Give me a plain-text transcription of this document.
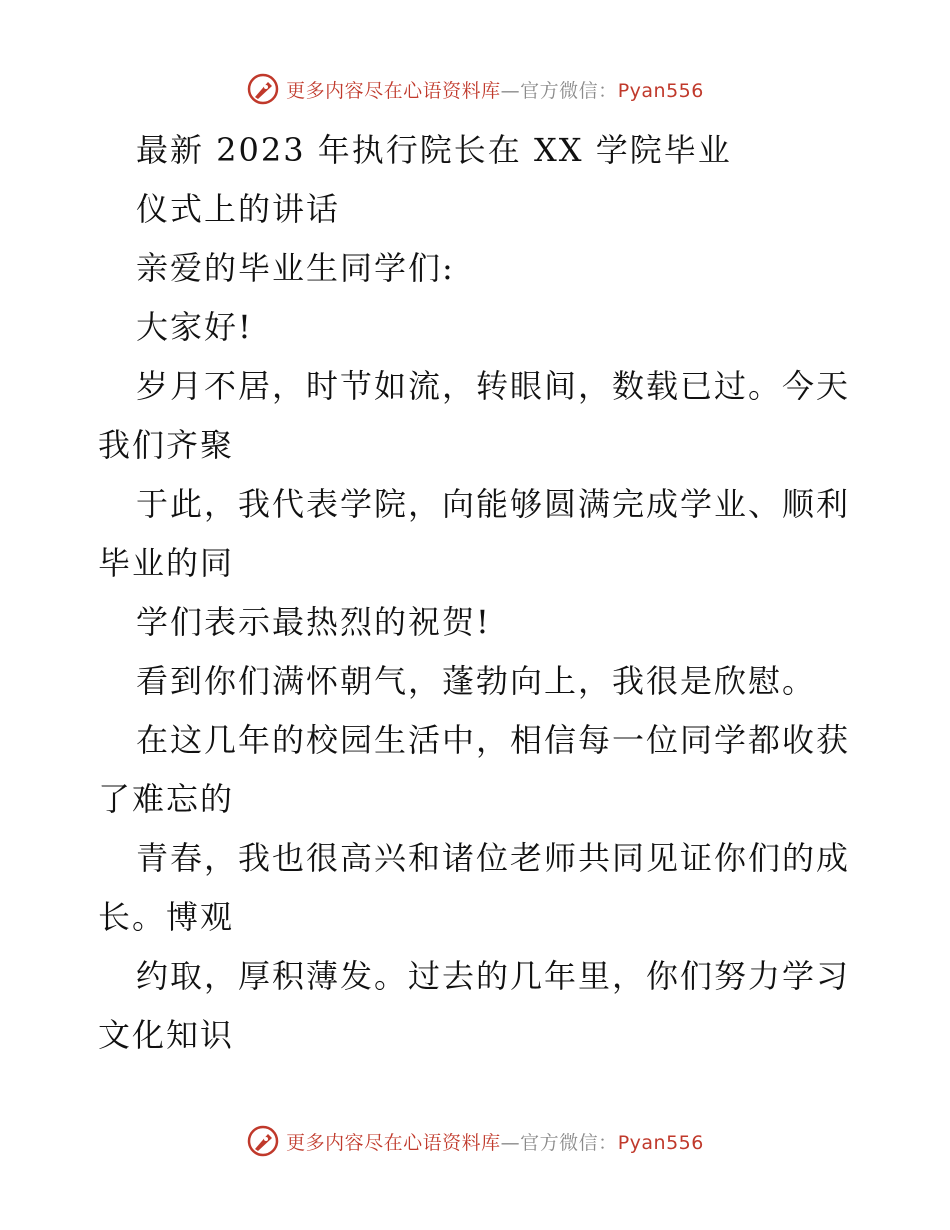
更多内容尽在心语资料库—官方微信：Pyan556
最新 2023 年执行院长在 XX 学院毕业
仪式上的讲话
亲爱的毕业生同学们:
大家好!
岁月不居，时节如流，转眼间，数载已过。今天
我们齐聚
于此，我代表学院，向能够圆满完成学业、顺利
毕业的同
学们表示最热烈的祝贺!
看到你们满怀朝气，蓬勃向上，我很是欣慰。
在这几年的校园生活中，相信每一位同学都收获
了难忘的
青春，我也很高兴和诸位老师共同见证你们的成
长。博观
约取，厚积薄发。过去的几年里，你们努力学习
文化知识
更多内容尽在心语资料库—官方微信：Pyan556
